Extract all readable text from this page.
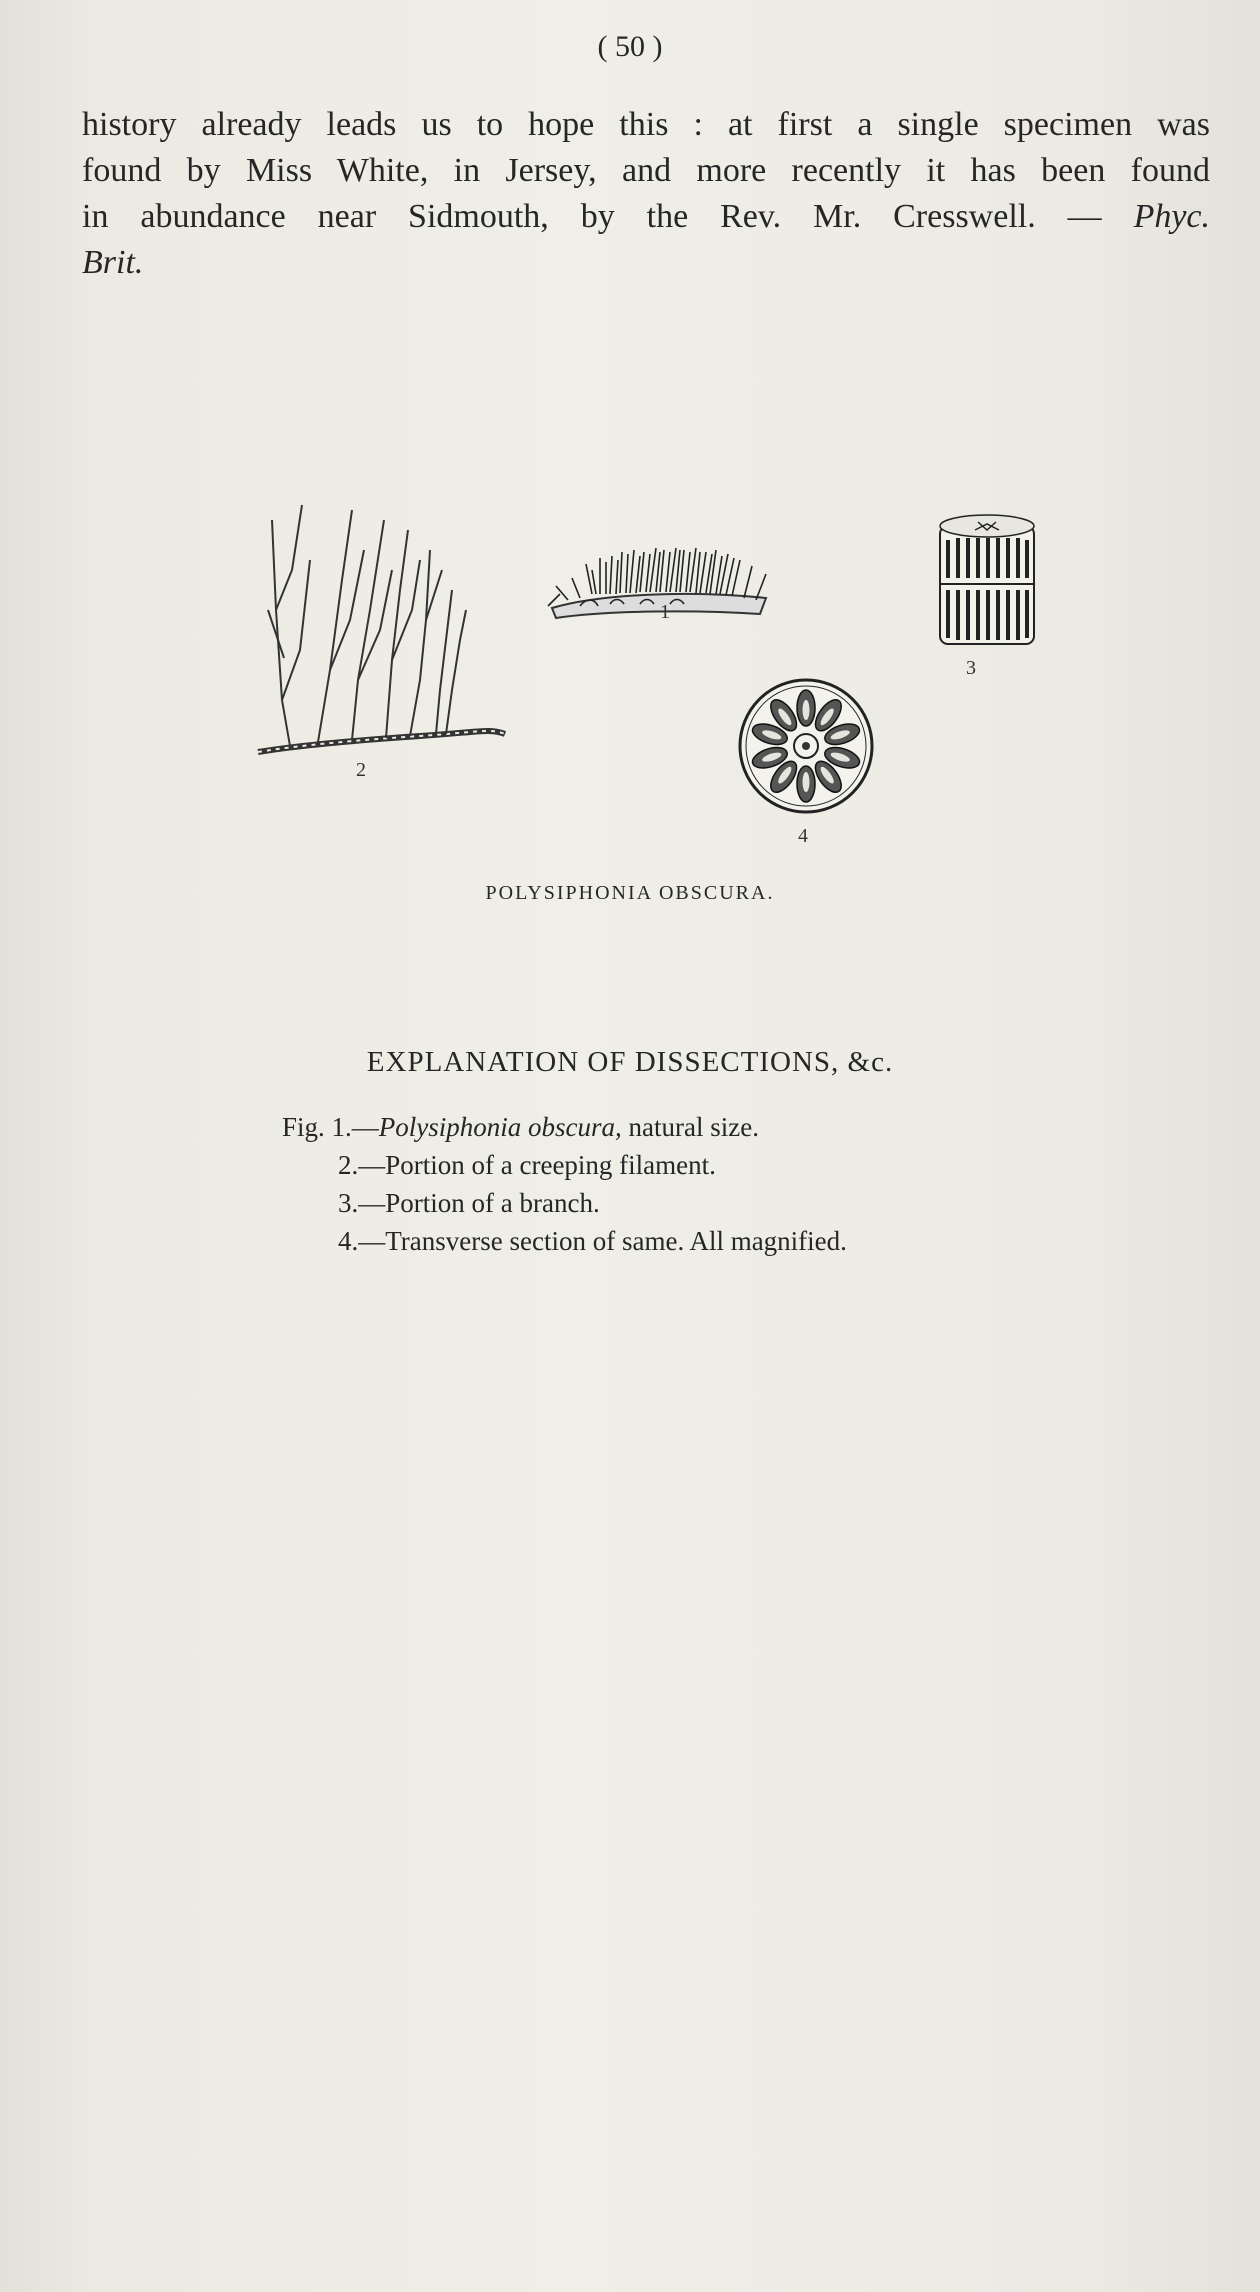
( 50 )
history already leads us to hope this : at first a single specimen was
found by Miss White, in Jersey, and more recently it has been found
in abundance near Sidmouth, by the Rev. Mr. Cresswell. — Phyc.
Brit.
2
1
3
4
POLYSIPHONIA OBSCURA.
EXPLANATION OF DISSECTIONS, &c.
Fig. 1.—Polysiphonia obscura, natural size.
2.—Portion of a creeping filament.
3.—Portion of a branch.
4.—Transverse section of same. All magnified.
